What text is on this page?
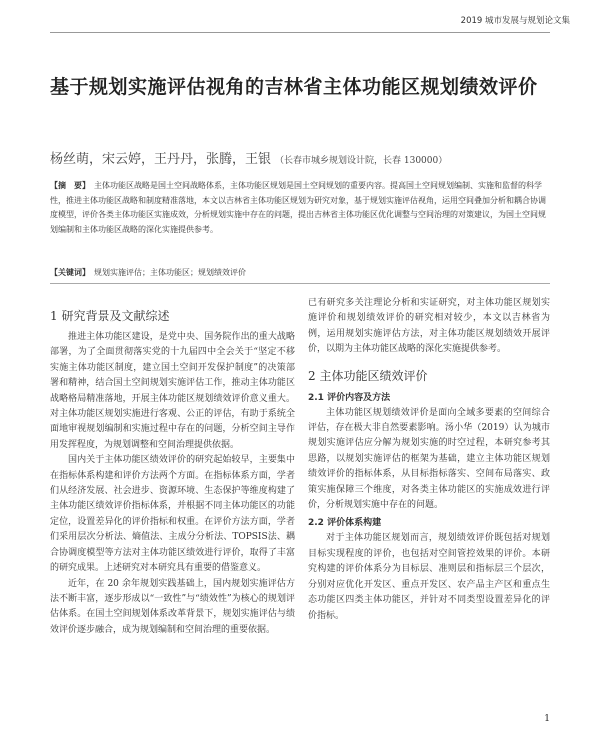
2019 城市发展与规划论文集
基于规划实施评估视角的吉林省主体功能区规划绩效评价
杨丝萌，宋云婷，王丹丹，张腾，王银 （长春市城乡规划设计院，长春 130000）

【摘　要】 主体功能区战略是国土空间战略体系，主体功能区规划是国土空间规划的重要内容。提高国土空间规划编制、实施和监督的科学性，推进主体功能区战略和制度精准落地，本文以吉林省主体功能区规划为研究对象，基于规划实施评估视角，运用空间叠加分析和耦合协调度模型，评价各类主体功能区实施成效，分析规划实施中存在的问题，提出吉林省主体功能区优化调整与空间治理的对策建议，为国土空间规划编制和主体功能区战略的深化实施提供参考。

【关键词】 规划实施评估；主体功能区；规划绩效评价
1 研究背景及文献综述

推进主体功能区建设，是党中央、国务院作出的重大战略部署，为了全面贯彻落实党的十九届四中全会关于“坚定不移实施主体功能区制度，建立国土空间开发保护制度”的决策部署和精神，结合国土空间规划实施评估工作，推动主体功能区战略格局精准落地，开展主体功能区规划绩效评价意义重大。对主体功能区规划实施进行客观、公正的评估，有助于系统全面地审视规划编制和实施过程中存在的问题，分析空间主导作用发挥程度，为规划调整和空间治理提供依据。

国内关于主体功能区绩效评价的研究起始较早，主要集中在指标体系构建和评价方法两个方面。在指标体系方面，学者们从经济发展、社会进步、资源环境、生态保护等维度构建了主体功能区绩效评价指标体系，并根据不同主体功能区的功能定位，设置差异化的评价指标和权重。在评价方法方面，学者们采用层次分析法、熵值法、主成分分析法、TOPSIS法、耦合协调度模型等方法对主体功能区绩效进行评价，取得了丰富的研究成果。上述研究对本研究具有重要的借鉴意义。

近年，在 20 余年规划实践基础上，国内规划实施评估方法不断丰富，逐步形成以“一致性”与“绩效性”为核心的规划评估体系。在国土空间规划体系改革背景下，规划实施评估与绩效评价逐步融合，成为规划编制和空间治理的重要依据。

已有研究多关注理论分析和实证研究，对主体功能区规划实施评价和规划绩效评价的研究相对较少，本文以吉林省为例，运用规划实施评估方法，对主体功能区规划绩效开展评价，以期为主体功能区战略的深化实施提供参考。

2 主体功能区绩效评价
2.1 评价内容及方法

主体功能区规划绩效评价是面向全域多要素的空间综合评估，存在极大非自然要素影响。汤小华（2019）认为城市规划实施评估应分解为规划实施的时空过程，本研究参考其思路，以规划实施评估的框架为基础，建立主体功能区规划绩效评价的指标体系，从目标指标落实、空间布局落实、政策实施保障三个维度，对各类主体功能区的实施成效进行评价，分析规划实施中存在的问题。

2.2 评价体系构建

对于主体功能区规划而言，规划绩效评价既包括对规划目标实现程度的评价，也包括对空间管控效果的评价。本研究构建的评价体系分为目标层、准则层和指标层三个层次，分别对应优化开发区、重点开发区、农产品主产区和重点生态功能区四类主体功能区，并针对不同类型设置差异化的评价指标。

1
